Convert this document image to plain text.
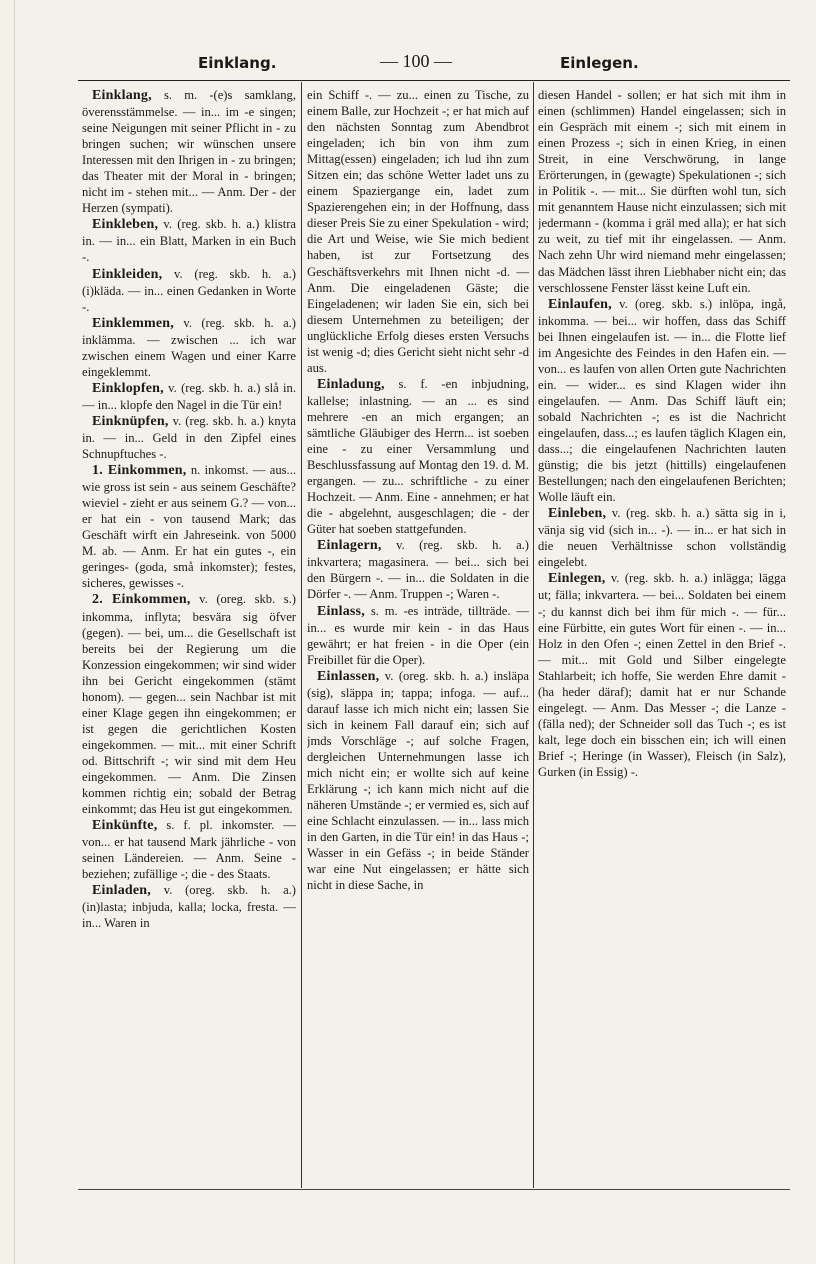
Einklang.	— 100 —	Einlegen.

Einklang, s. m. -(e)s samklang, överensstämmelse. — in... im -e singen; seine Neigungen mit seiner Pflicht in - zu bringen suchen; wir wünschen unsere Interessen mit den Ihrigen in - zu bringen; das Theater mit der Moral in - bringen; nicht im - stehen mit... — Anm. Der - der Herzen (sympati).

Einkleben, v. (reg. skb. h. a.) klistra in. — in... ein Blatt, Marken in ein Buch -.

Einkleiden, v. (reg. skb. h. a.) (i)kläda. — in... einen Gedanken in Worte -.

Einklemmen, v. (reg. skb. h. a.) inklämma. — zwischen ... ich war zwischen einem Wagen und einer Karre eingeklemmt.

Einklopfen, v. (reg. skb. h. a.) slå in. — in... klopfe den Nagel in die Tür ein!

Einknüpfen, v. (reg. skb. h. a.) knyta in. — in... Geld in den Zipfel eines Schnupftuches -.

1. Einkommen, n. inkomst. — aus... wie gross ist sein - aus seinem Geschäfte? wieviel - zieht er aus seinem G.? — von... er hat ein - von tausend Mark; das Geschäft wirft ein Jahreseink. von 5000 M. ab. — Anm. Er hat ein gutes -, ein geringes- (goda, små inkomster); festes, sicheres, gewisses -.

2. Einkommen, v. (oreg. skb. s.) inkomma, inflyta; besvära sig öfver (gegen). — bei, um... die Gesellschaft ist bereits bei der Regierung um die Konzession eingekommen; wir sind wider ihn bei Gericht eingekommen (stämt honom). — gegen... sein Nachbar ist mit einer Klage gegen ihn eingekommen; er ist gegen die gerichtlichen Kosten eingekommen. — mit... mit einer Schrift od. Bittschrift -; wir sind mit dem Heu eingekommen. — Anm. Die Zinsen kommen richtig ein; sobald der Betrag einkommt; das Heu ist gut eingekommen.

Einkünfte, s. f. pl. inkomster. — von... er hat tausend Mark jährliche - von seinen Ländereien. — Anm. Seine - beziehen; zufällige -; die - des Staats.

Einladen, v. (oreg. skb. h. a.) (in)lasta; inbjuda, kalla; locka, fresta. — in... Waren in

ein Schiff -. — zu... einen zu Tische, zu einem Balle, zur Hochzeit -; er hat mich auf den nächsten Sonntag zum Abendbrot eingeladen; ich bin von ihm zum Mittag(essen) eingeladen; ich lud ihn zum Sitzen ein; das schöne Wetter ladet uns zu einem Spaziergange ein, ladet zum Spazierengehen ein; in der Hoffnung, dass dieser Preis Sie zu einer Spekulation - wird; die Art und Weise, wie Sie mich bedient haben, ist zur Fortsetzung des Geschäftsverkehrs mit Ihnen nicht -d. — Anm. Die eingeladenen Gäste; die Eingeladenen; wir laden Sie ein, sich bei diesem Unternehmen zu beteiligen; der unglückliche Erfolg dieses ersten Versuchs ist wenig -d; dies Gericht sieht nicht sehr -d aus.

Einladung, s. f. -en inbjudning, kallelse; inlastning. — an ... es sind mehrere -en an mich ergangen; an sämtliche Gläubiger des Herrn... ist soeben eine - zu einer Versammlung und Beschlussfassung auf Montag den 19. d. M. ergangen. — zu... schriftliche - zu einer Hochzeit. — Anm. Eine - annehmen; er hat die - abgelehnt, ausgeschlagen; die - der Güter hat soeben stattgefunden.

Einlagern, v. (reg. skb. h. a.) inkvartera; magasinera. — bei... sich bei den Bürgern -. — in... die Soldaten in die Dörfer -. — Anm. Truppen -; Waren -.

Einlass, s. m. -es inträde, tillträde. — in... es wurde mir kein - in das Haus gewährt; er hat freien - in die Oper (ein Freibillet für die Oper).

Einlassen, v. (oreg. skb. h. a.) insläpa (sig), släppa in; tappa; infoga. — auf... darauf lasse ich mich nicht ein; lassen Sie sich in keinem Fall darauf ein; sich auf jmds Vorschläge -; auf solche Fragen, dergleichen Unternehmungen lasse ich mich nicht ein; er wollte sich auf keine Erklärung -; ich kann mich nicht auf die näheren Umstände -; er vermied es, sich auf eine Schlacht einzulassen. — in... lass mich in den Garten, in die Tür ein! in das Haus -; Wasser in ein Gefäss -; in beide Ständer war eine Nut eingelassen; er hätte sich nicht in diese Sache, in

diesen Handel - sollen; er hat sich mit ihm in einen (schlimmen) Handel eingelassen; sich in ein Gespräch mit einem -; sich mit einem in einen Prozess -; sich in einen Krieg, in einen Streit, in eine Verschwörung, in lange Erörterungen, in (gewagte) Spekulationen -; sich in Politik -. — mit... Sie dürften wohl tun, sich mit genanntem Hause nicht einzulassen; sich mit jedermann - (komma i gräl med alla); er hat sich zu weit, zu tief mit ihr eingelassen. — Anm. Nach zehn Uhr wird niemand mehr eingelassen; das Mädchen lässt ihren Liebhaber nicht ein; das verschlossene Fenster lässt keine Luft ein.

Einlaufen, v. (oreg. skb. s.) inlöpa, ingå, inkomma. — bei... wir hoffen, dass das Schiff bei Ihnen eingelaufen ist. — in... die Flotte lief im Angesichte des Feindes in den Hafen ein. — von... es laufen von allen Orten gute Nachrichten ein. — wider... es sind Klagen wider ihn eingelaufen. — Anm. Das Schiff läuft ein; sobald Nachrichten -; es ist die Nachricht eingelaufen, dass...; es laufen täglich Klagen ein, dass...; die eingelaufenen Nachrichten lauten günstig; die bis jetzt (hittills) eingelaufenen Bestellungen; nach den eingelaufenen Berichten; Wolle läuft ein.

Einleben, v. (reg. skb. h. a.) sätta sig in i, vänja sig vid (sich in... -). — in... er hat sich in die neuen Verhältnisse schon vollständig eingelebt.

Einlegen, v. (reg. skb. h. a.) inlägga; lägga ut; fälla; inkvartera. — bei... Soldaten bei einem -; du kannst dich bei ihm für mich -. — für... eine Fürbitte, ein gutes Wort für einen -. — in... Holz in den Ofen -; einen Zettel in den Brief -. — mit... mit Gold und Silber eingelegte Stahlarbeit; ich hoffe, Sie werden Ehre damit - (ha heder däraf); damit hat er nur Schande eingelegt. — Anm. Das Messer -; die Lanze - (fälla ned); der Schneider soll das Tuch -; es ist kalt, lege doch ein bisschen ein; ich will einen Brief -; Heringe (in Wasser), Fleisch (in Salz), Gurken (in Essig) -.
